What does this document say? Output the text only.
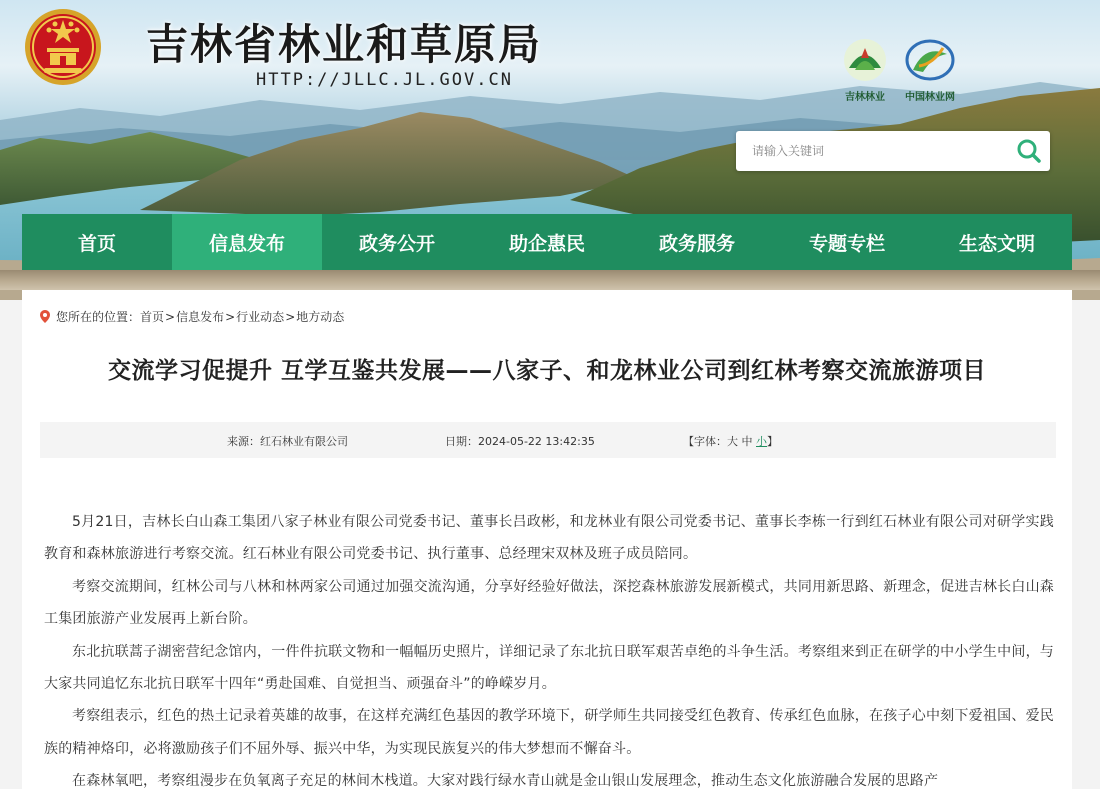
吉林省林业和草原局
HTTP://JLLC.JL.GOV.CN
吉林林业	中国林业网
请输入关键词
首页	信息发布	政务公开	助企惠民	政务服务	专题专栏	生态文明
您所在的位置： 首页 > 信息发布 > 行业动态 > 地方动态
交流学习促提升 互学互鉴共发展——八家子、和龙林业公司到红林考察交流旅游项目
来源：红石林业有限公司	日期：2024-05-22 13:42:35	【字体：大 中 小】

5月21日，吉林长白山森工集团八家子林业有限公司党委书记、董事长吕政彬，和龙林业有限公司党委书记、董事长李栋一行到红石林业有限公司对研学实践教育和森林旅游进行考察交流。红石林业有限公司党委书记、执行董事、总经理宋双林及班子成员陪同。

考察交流期间，红林公司与八林和林两家公司通过加强交流沟通，分享好经验好做法，深挖森林旅游发展新模式，共同用新思路、新理念，促进吉林长白山森工集团旅游产业发展再上新台阶。

东北抗联蒿子湖密营纪念馆内，一件件抗联文物和一幅幅历史照片，详细记录了东北抗日联军艰苦卓绝的斗争生活。考察组来到正在研学的中小学生中间，与大家共同追忆东北抗日联军十四年“勇赴国难、自觉担当、顽强奋斗”的峥嵘岁月。

考察组表示，红色的热土记录着英雄的故事，在这样充满红色基因的教学环境下，研学师生共同接受红色教育、传承红色血脉，在孩子心中刻下爱祖国、爱民族的精神烙印，必将激励孩子们不屈外辱、振兴中华，为实现民族复兴的伟大梦想而不懈奋斗。

在森林氧吧，考察组漫步在负氧离子充足的林间木栈道。大家对践行绿水青山就是金山银山发展理念，推动生态文化旅游融合发展的思路产
